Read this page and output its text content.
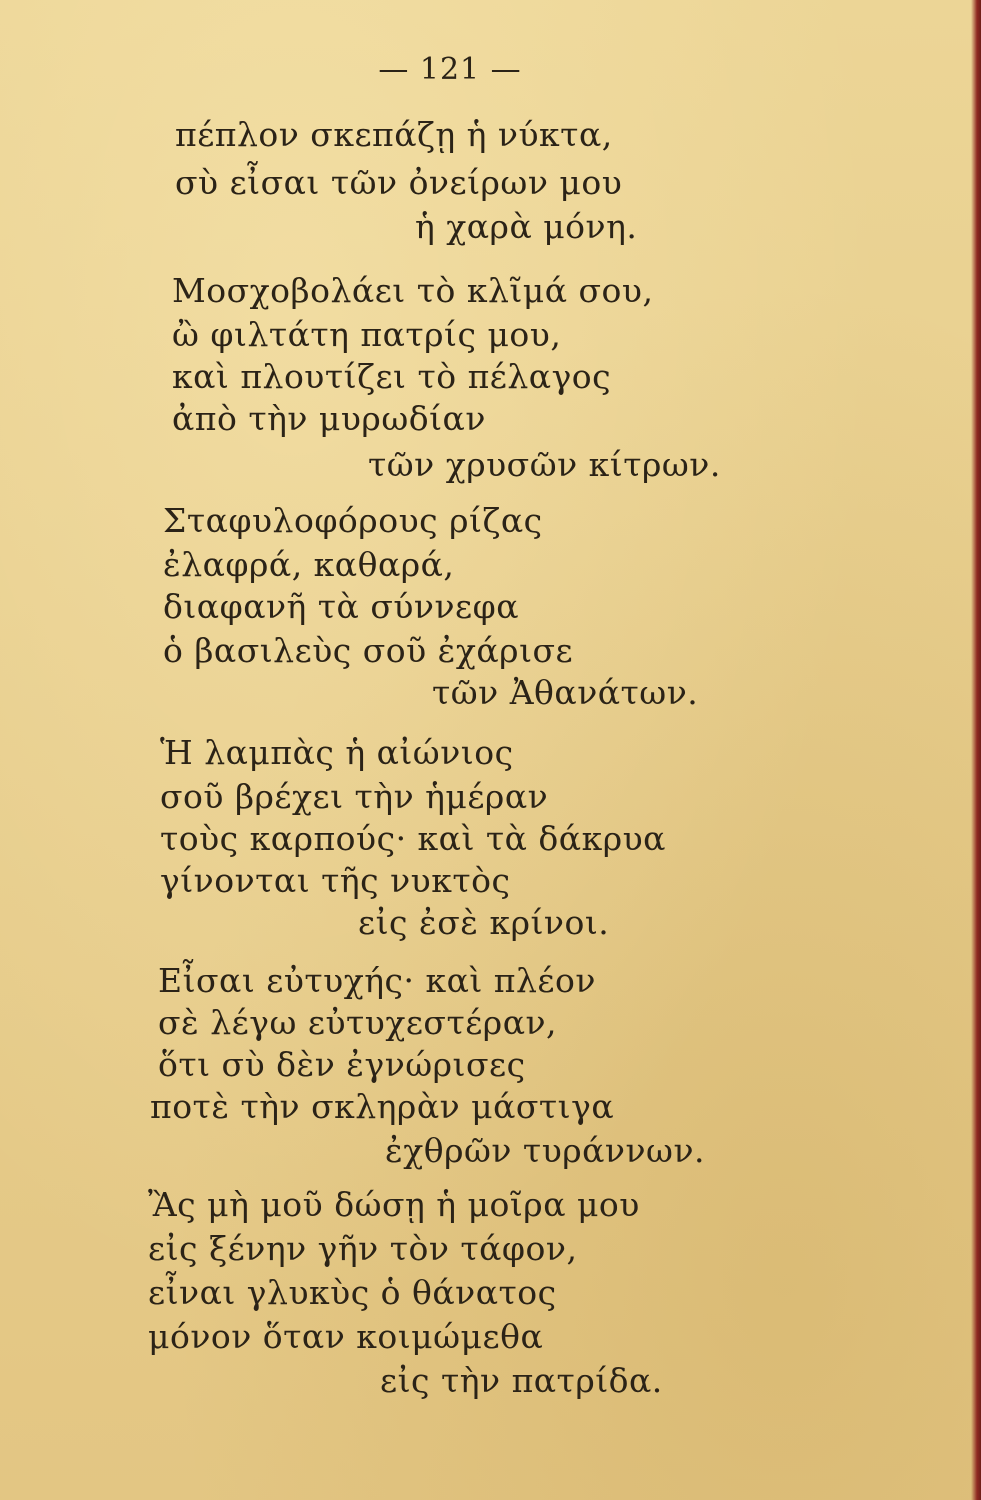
— 121 —
πέπλον σκεπάζῃ ἡ νύκτα,
σὺ εἶσαι τῶν ὀνείρων μου
ἡ χαρὰ μόνη.
Μοσχοβολάει τὸ κλῖμά σου,
ὢ φιλτάτη πατρίς μου,
καὶ πλουτίζει τὸ πέλαγος
ἀπὸ τὴν μυρωδίαν
τῶν χρυσῶν κίτρων.
Σταφυλοφόρους ρίζας
ἐλαφρά, καθαρά,
διαφανῆ τὰ σύννεφα
ὁ βασιλεὺς σοῦ ἐχάρισε
τῶν Ἀθανάτων.
Ἡ λαμπὰς ἡ αἰώνιος
σοῦ βρέχει τὴν ἡμέραν
τοὺς καρπούς· καὶ τὰ δάκρυα
γίνονται τῆς νυκτὸς
εἰς ἐσὲ κρίνοι.
Εἶσαι εὐτυχής· καὶ πλέον
σὲ λέγω εὐτυχεστέραν,
ὅτι σὺ δὲν ἐγνώρισες
ποτὲ τὴν σκληρὰν μάστιγα
ἐχθρῶν τυράννων.
Ἂς μὴ μοῦ δώσῃ ἡ μοῖρα μου
εἰς ξένην γῆν τὸν τάφον,
εἶναι γλυκὺς ὁ θάνατος
μόνον ὅταν κοιμώμεθα
εἰς τὴν πατρίδα.
